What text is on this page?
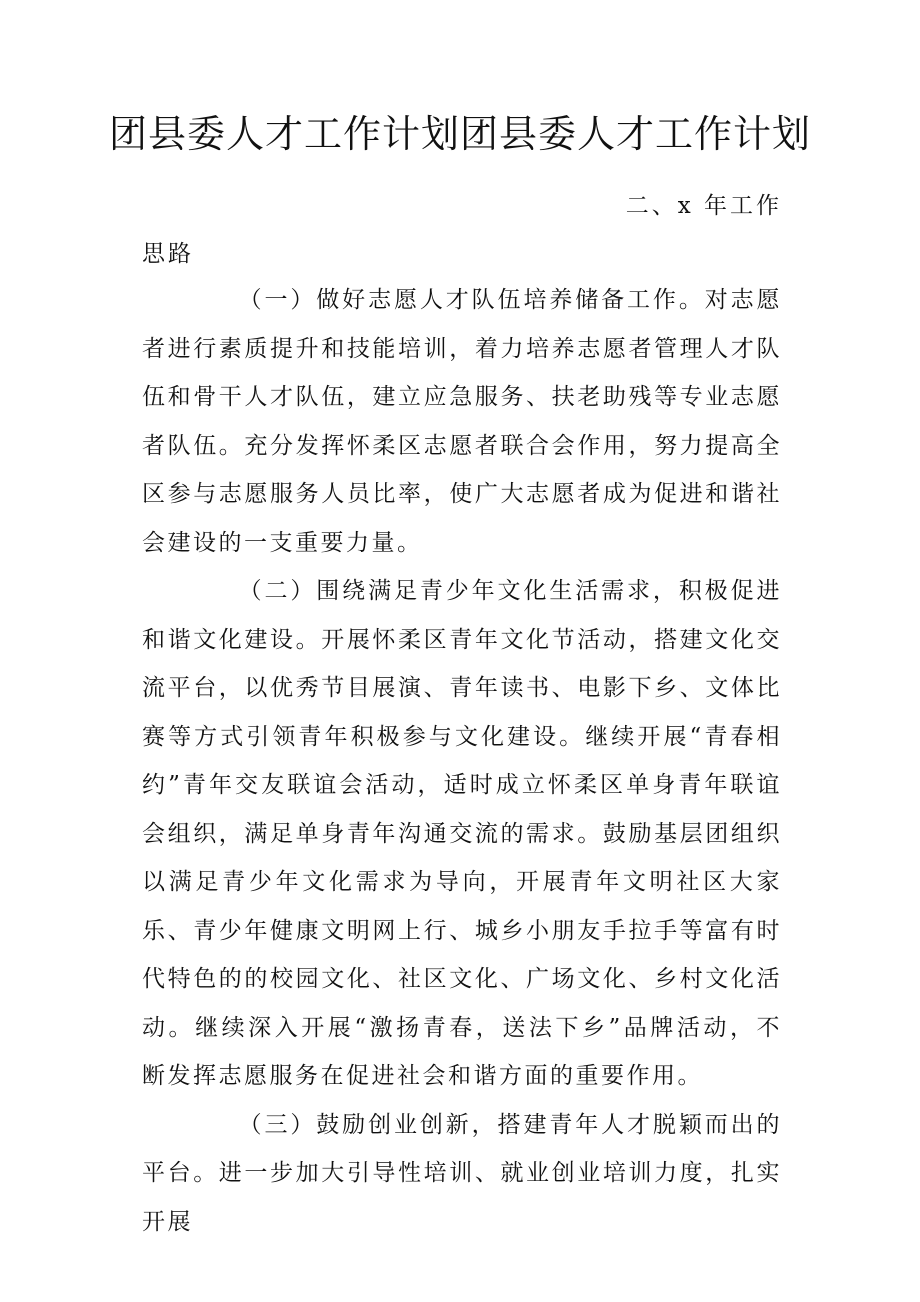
团县委人才工作计划团县委人才工作计划
二、x 年工作
思路

（一）做好志愿人才队伍培养储备工作。对志愿者进行素质提升和技能培训，着力培养志愿者管理人才队伍和骨干人才队伍，建立应急服务、扶老助残等专业志愿者队伍。充分发挥怀柔区志愿者联合会作用，努力提高全区参与志愿服务人员比率，使广大志愿者成为促进和谐社会建设的一支重要力量。

（二）围绕满足青少年文化生活需求，积极促进和谐文化建设。开展怀柔区青年文化节活动，搭建文化交流平台，以优秀节目展演、青年读书、电影下乡、文体比赛等方式引领青年积极参与文化建设。继续开展“青春相约”青年交友联谊会活动，适时成立怀柔区单身青年联谊会组织，满足单身青年沟通交流的需求。鼓励基层团组织以满足青少年文化需求为导向，开展青年文明社区大家乐、青少年健康文明网上行、城乡小朋友手拉手等富有时代特色的的校园文化、社区文化、广场文化、乡村文化活动。继续深入开展“激扬青春，送法下乡”品牌活动，不断发挥志愿服务在促进社会和谐方面的重要作用。

（三）鼓励创业创新，搭建青年人才脱颖而出的平台。进一步加大引导性培训、就业创业培训力度，扎实开展
